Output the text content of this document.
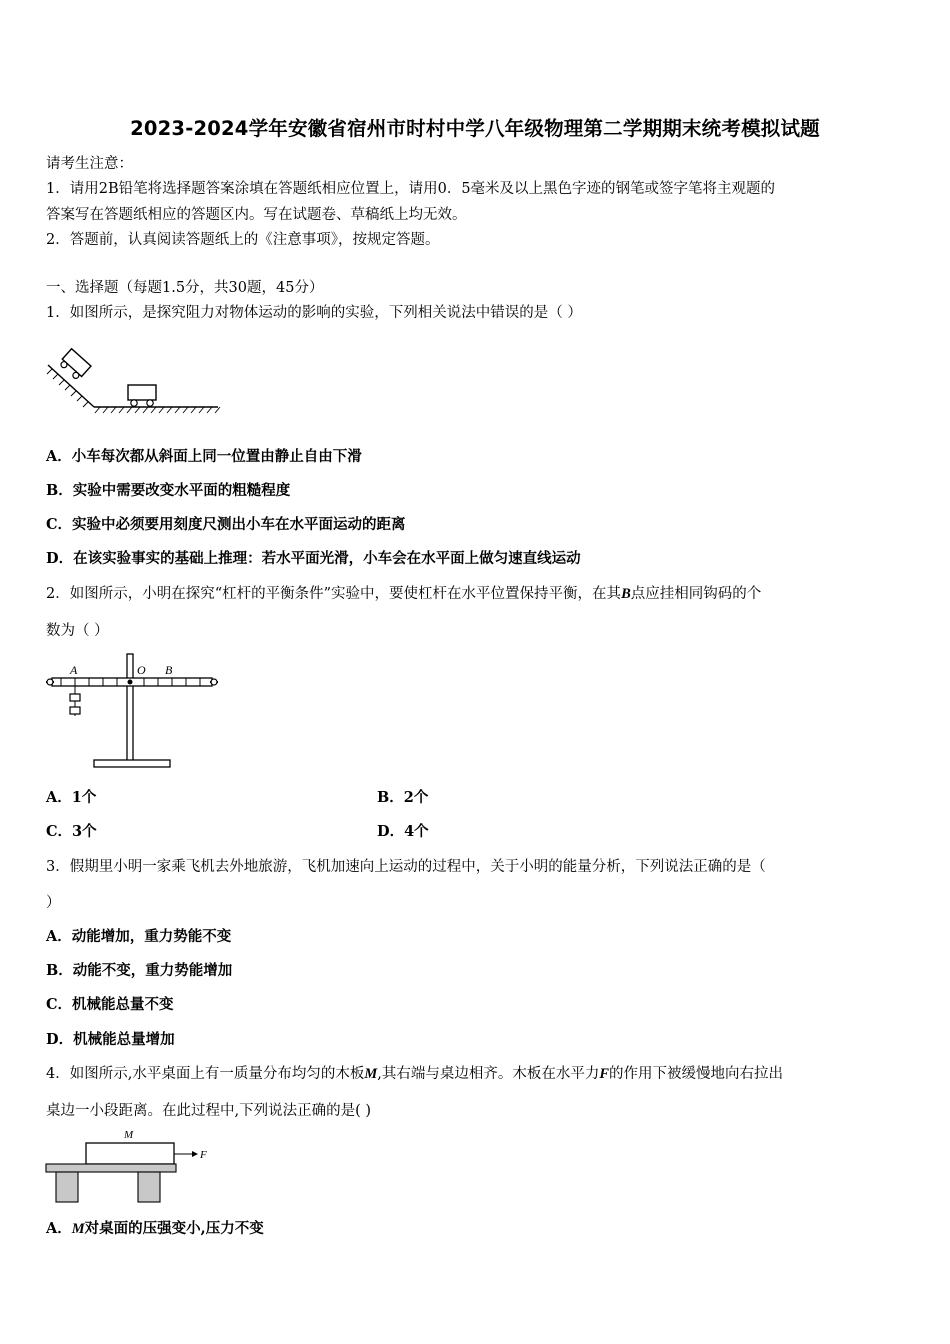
2023-2024学年安徽省宿州市时村中学八年级物理第二学期期末统考模拟试题
请考生注意：
1．请用2B铅笔将选择题答案涂填在答题纸相应位置上，请用0．5毫米及以上黑色字迹的钢笔或签字笔将主观题的
答案写在答题纸相应的答题区内。写在试题卷、草稿纸上均无效。
2．答题前，认真阅读答题纸上的《注意事项》，按规定答题。
一、选择题（每题1.5分，共30题，45分）
1．如图所示，是探究阻力对物体运动的影响的实验，下列相关说法中错误的是（ ）
A．小车每次都从斜面上同一位置由静止自由下滑
B．实验中需要改变水平面的粗糙程度
C．实验中必须要用刻度尺测出小车在水平面运动的距离
D．在该实验事实的基础上推理：若水平面光滑，小车会在水平面上做匀速直线运动
2．如图所示，小明在探究“杠杆的平衡条件”实验中，要使杠杆在水平位置保持平衡，在其B点应挂相同钩码的个
数为（ ）
A	O B
A．1个	B．2个
C．3个	D．4个
3．假期里小明一家乘飞机去外地旅游，飞机加速向上运动的过程中，关于小明的能量分析，下列说法正确的是（
）
A．动能增加，重力势能不变
B．动能不变，重力势能增加
C．机械能总量不变
D．机械能总量增加
4．如图所示,水平桌面上有一质量分布均匀的木板M,其右端与桌边相齐。木板在水平力F的作用下被缓慢地向右拉出
桌边一小段距离。在此过程中,下列说法正确的是( )
M
F
A．M对桌面的压强变小,压力不变
